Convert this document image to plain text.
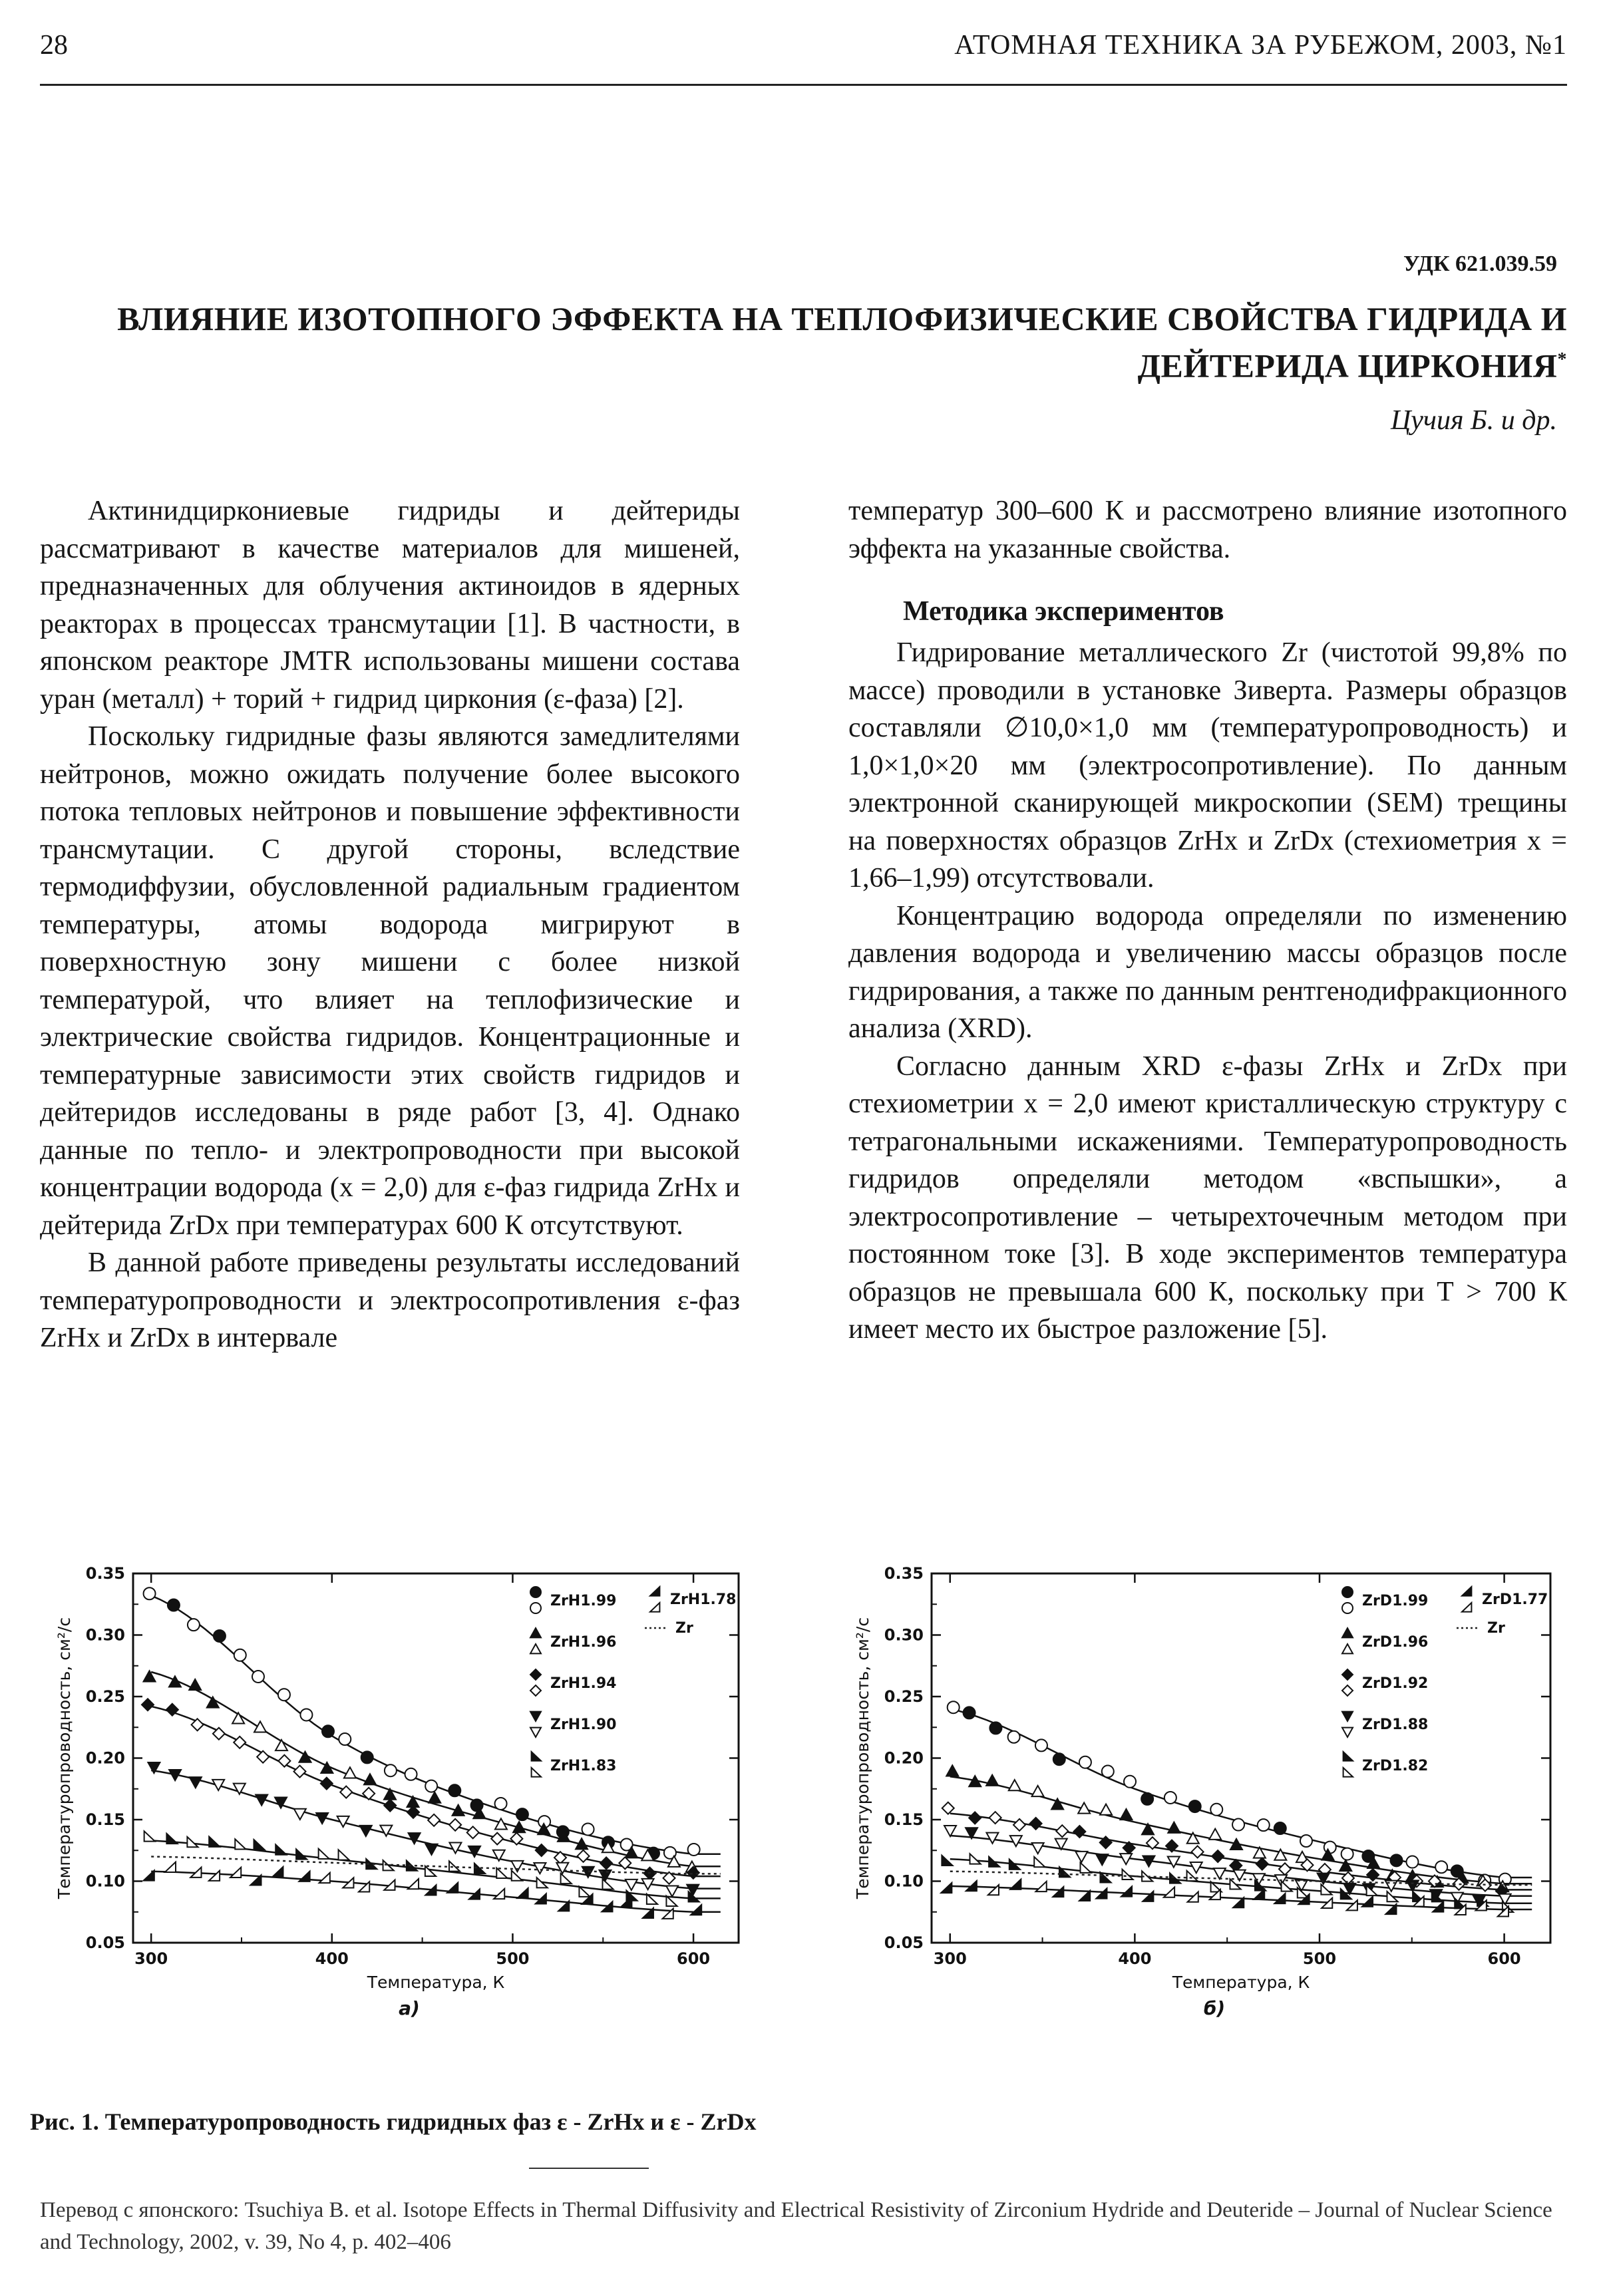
28	АТОМНАЯ ТЕХНИКА ЗА РУБЕЖОМ, 2003, №1
УДК 621.039.59
ВЛИЯНИЕ ИЗОТОПНОГО ЭФФЕКТА НА ТЕПЛОФИЗИЧЕСКИЕ СВОЙСТВА ГИДРИДА И
ДЕЙТЕРИДА ЦИРКОНИЯ*
Цучия Б. и др.

Актинидциркониевые гидриды и дейтериды рассматривают в качестве материалов для мишеней, предназначенных для облучения актиноидов в ядерных реакторах в процессах трансмутации [1]. В частности, в японском реакторе JMTR использованы мишени состава уран (металл) + торий + гидрид циркония (ε-фаза) [2].

Поскольку гидридные фазы являются замедлителями нейтронов, можно ожидать получение более высокого потока тепловых нейтронов и повышение эффективности трансмутации. С другой стороны, вследствие термодиффузии, обусловленной радиальным градиентом температуры, атомы водорода мигрируют в поверхностную зону мишени с более низкой температурой, что влияет на теплофизические и электрические свойства гидридов. Концентрационные и температурные зависимости этих свойств гидридов и дейтеридов исследованы в ряде работ [3, 4]. Однако данные по тепло- и электропроводности при высокой концентрации водорода (x = 2,0) для ε-фаз гидрида ZrHx и дейтерида ZrDx при температурах 600 К отсутствуют.

В данной работе приведены результаты исследований температуропроводности и электросопротивления ε-фаз ZrHx и ZrDx в интервале

температур 300–600 К и рассмотрено влияние изотопного эффекта на указанные свойства.

Методика экспериментов

Гидрирование металлического Zr (чистотой 99,8% по массе) проводили в установке Зиверта. Размеры образцов составляли ∅10,0×1,0 мм (температуропроводность) и 1,0×1,0×20 мм (электросопротивление). По данным электронной сканирующей микроскопии (SEM) трещины на поверхностях образцов ZrHx и ZrDx (стехиометрия x = 1,66–1,99) отсутствовали.

Концентрацию водорода определяли по изменению давления водорода и увеличению массы образцов после гидрирования, а также по данным рентгенодифракционного анализа (XRD).

Согласно данным XRD ε-фазы ZrHx и ZrDx при стехиометрии x = 2,0 имеют кристаллическую структуру с тетрагональными искажениями. Температуропроводность гидридов определяли методом «вспышки», а электросопротивление – четырехточечным методом при постоянном токе [3]. В ходе экспериментов температура образцов не превышала 600 К, поскольку при Т > 700 К имеет место их быстрое разложение [5].

0.05
0.10
0.15
0.20
0.25
0.30
0.35
300	400	500	600
Температура, К
Температуропроводность, см²/с
а)
ZrH1.99
ZrH1.96
ZrH1.94
ZrH1.90
ZrH1.83
ZrH1.78
Zr
0.05
0.10
0.15
0.20
0.25
0.30
0.35
300	400	500	600
Температура, К
Температуропроводность, см²/с
б)
ZrD1.99
ZrD1.96
ZrD1.92
ZrD1.88
ZrD1.82
ZrD1.77
Zr
Рис. 1. Температуропроводность гидридных фаз ε - ZrHx и ε - ZrDx
Перевод с японского: Tsuchiya B. et al. Isotope Effects in Thermal Diffusivity and Electrical Resistivity of Zirconium Hydride and Deuteride – Journal of Nuclear Science and Technology, 2002, v. 39, No 4, p. 402–406
